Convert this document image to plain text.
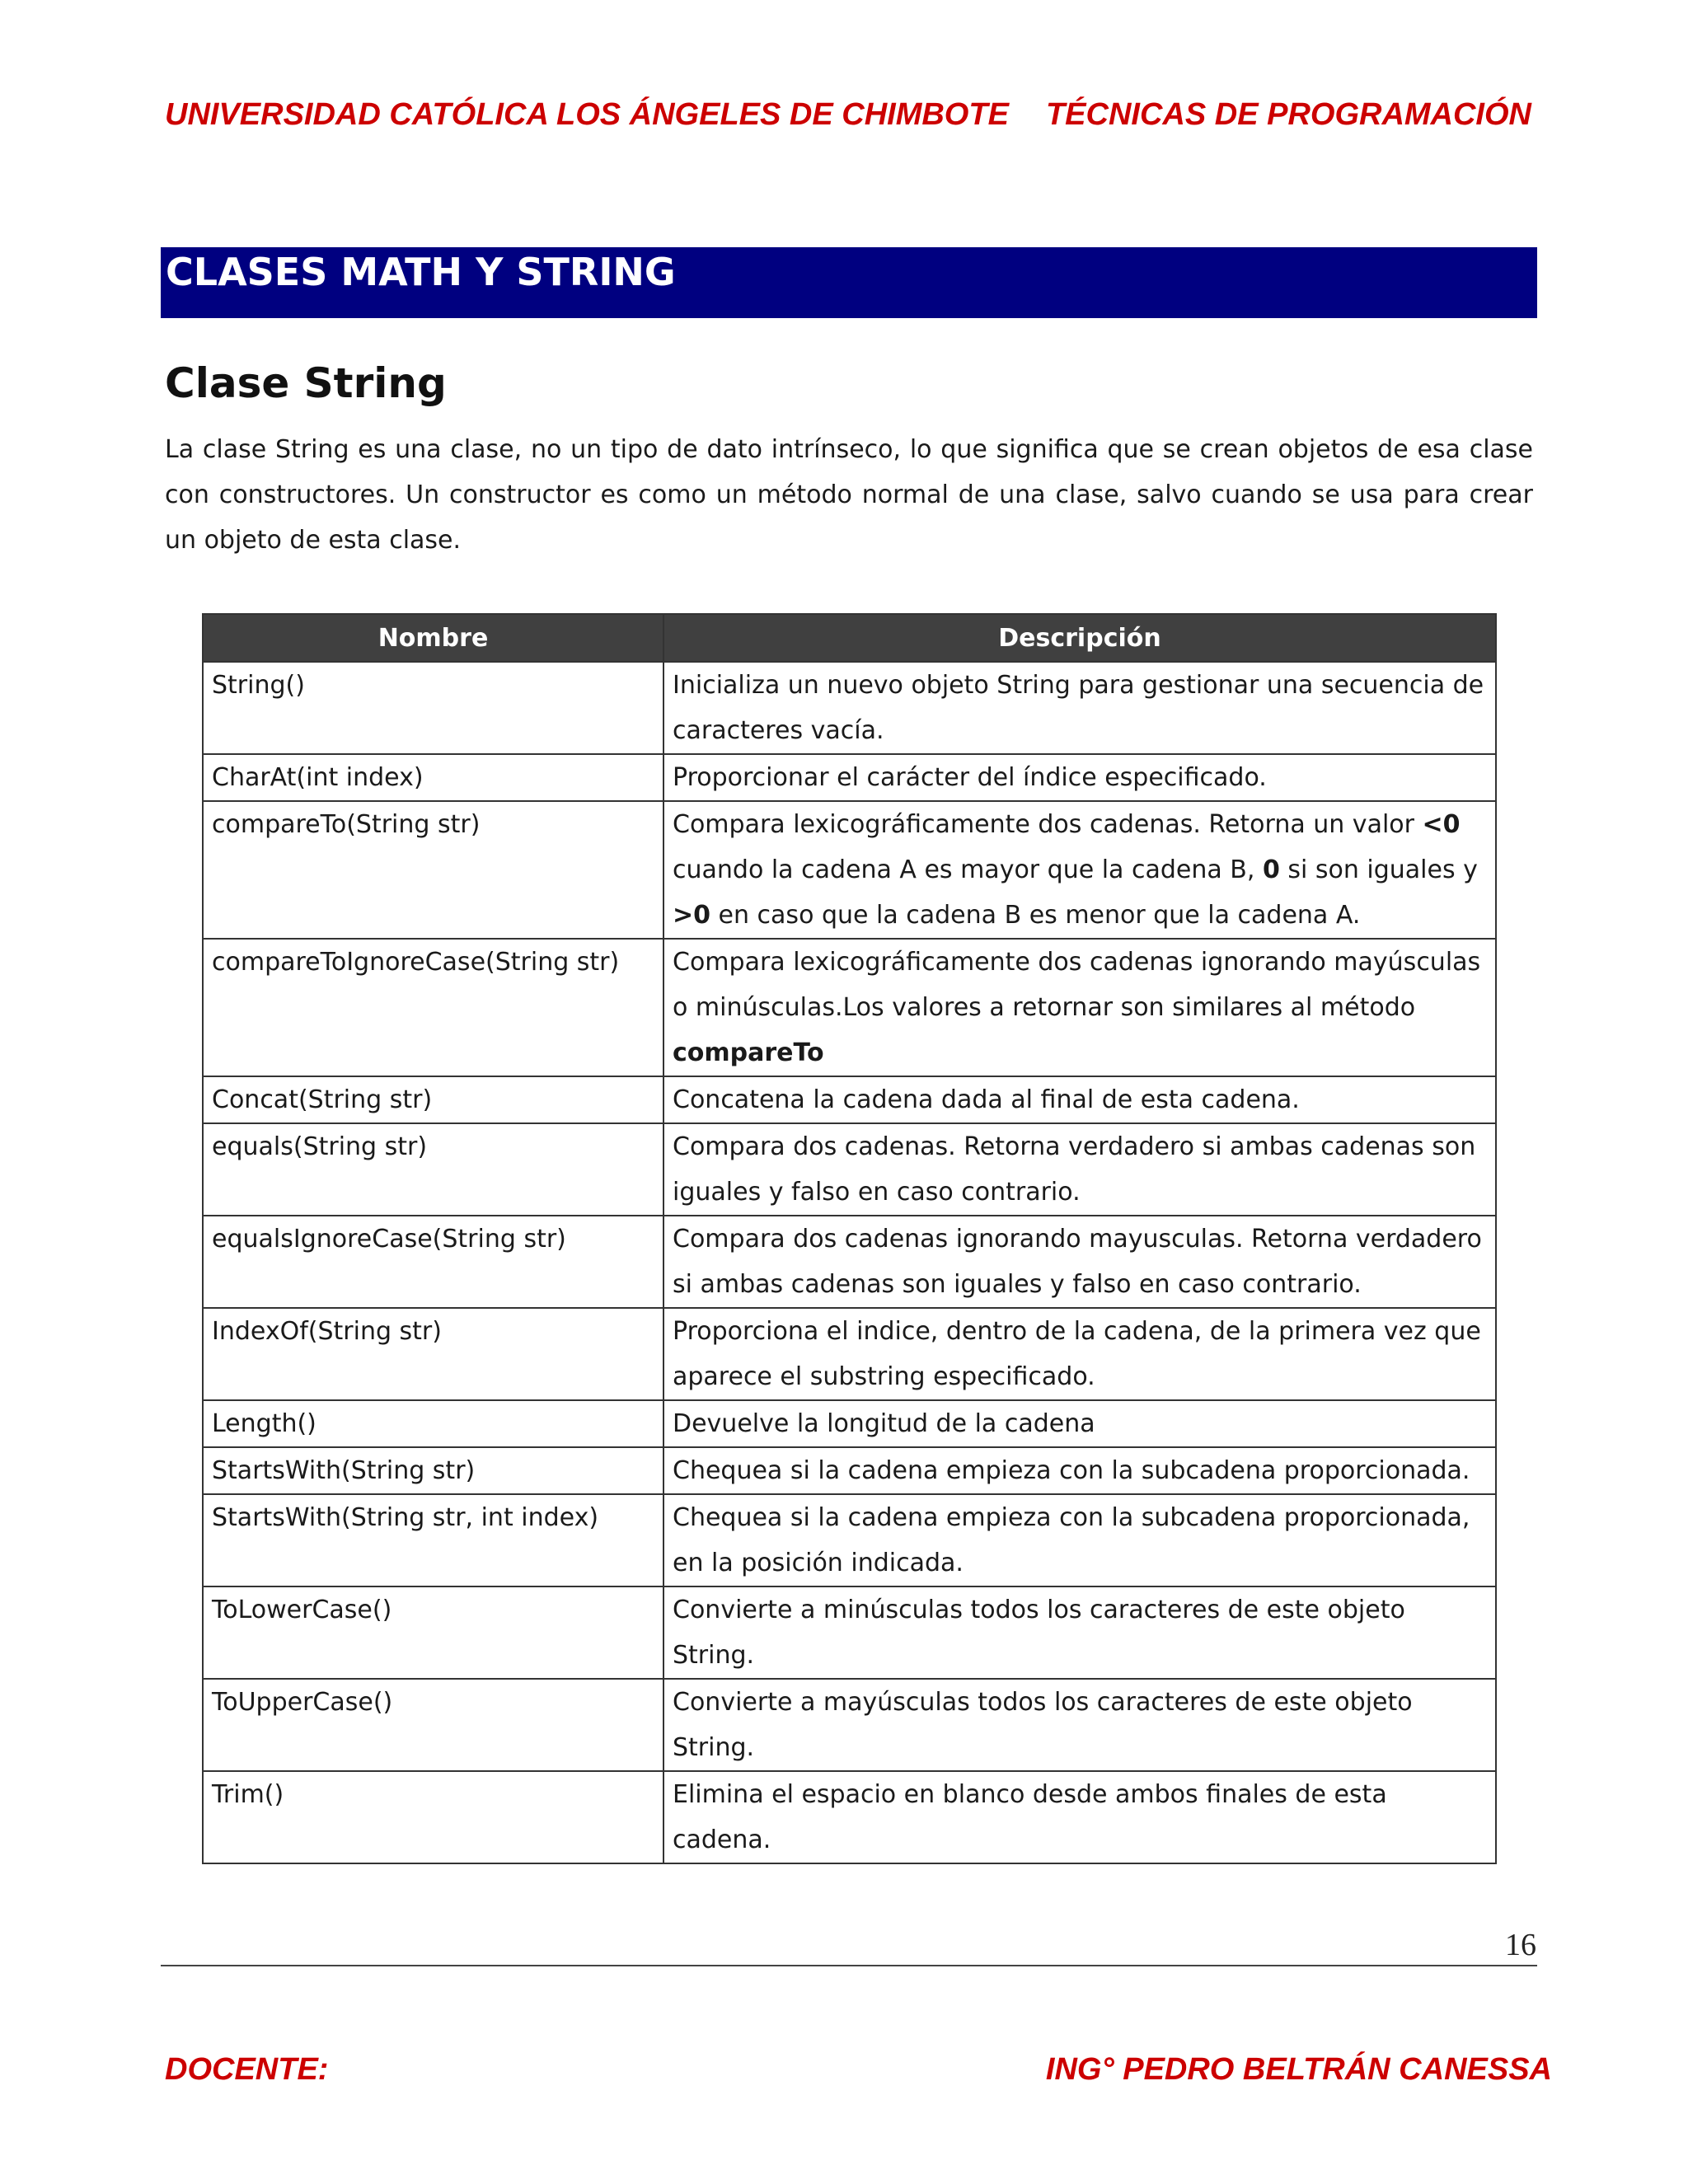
UNIVERSIDAD CATÓLICA LOS ÁNGELES DE CHIMBOTE TÉCNICAS DE PROGRAMACIÓN
CLASES MATH Y STRING
Clase String

La clase String es una clase, no un tipo de dato intrínseco, lo que significa que se crean objetos de esa clase con constructores. Un constructor es como un método normal de una clase, salvo cuando se usa para crear un objeto de esta clase.

Nombre	Descripción
String()	Inicializa un nuevo objeto String para gestionar una secuencia de caracteres vacía.
CharAt(int index)	Proporcionar el carácter del índice especificado.
compareTo(String str)	Compara lexicográficamente dos cadenas. Retorna un valor <0 cuando la cadena A es mayor que la cadena B, 0 si son iguales y >0 en caso que la cadena B es menor que la cadena A.
compareToIgnoreCase(String str)	Compara lexicográficamente dos cadenas ignorando mayúsculas o minúsculas.Los valores a retornar son similares al método compareTo
Concat(String str)	Concatena la cadena dada al final de esta cadena.
equals(String str)	Compara dos cadenas. Retorna verdadero si ambas cadenas son iguales y falso en caso contrario.
equalsIgnoreCase(String str)	Compara dos cadenas ignorando mayusculas. Retorna verdadero si ambas cadenas son iguales y falso en caso contrario.
IndexOf(String str)	Proporciona el indice, dentro de la cadena, de la primera vez que aparece el substring especificado.
Length()	Devuelve la longitud de la cadena
StartsWith(String str)	Chequea si la cadena empieza con la subcadena proporcionada.
StartsWith(String str, int index)	Chequea si la cadena empieza con la subcadena proporcionada, en la posición indicada.
ToLowerCase()	Convierte a minúsculas todos los caracteres de este objeto String.
ToUpperCase()	Convierte a mayúsculas todos los caracteres de este objeto String.
Trim()	Elimina el espacio en blanco desde ambos finales de esta cadena.
16
DOCENTE:	ING° PEDRO BELTRÁN CANESSA
